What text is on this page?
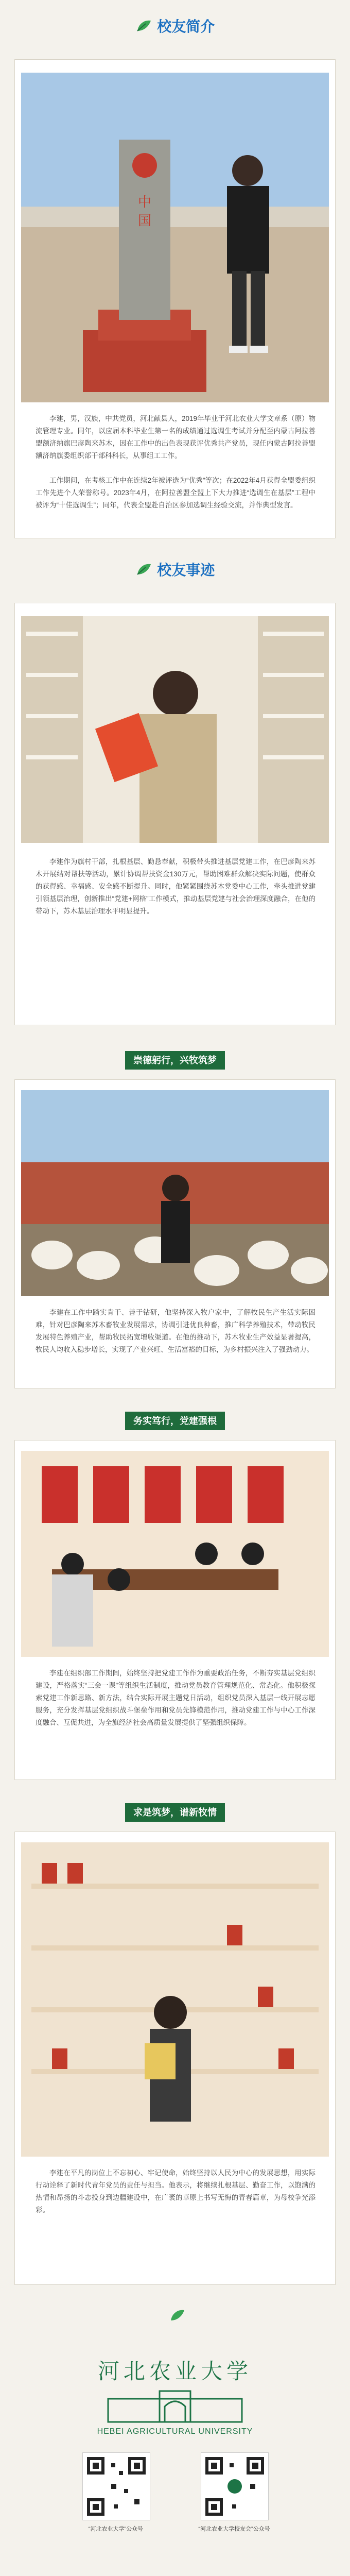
校友简介
中
国

李建，男，汉族，中共党员，河北献县人，2019年毕业于河北农业大学文章系（原）物流管理专业。同年，以应届本科毕业生第一名的成绩通过选调生考试并分配至内蒙古阿拉善盟额济纳旗巴彦陶来苏木，因在工作中的出色表现获评优秀共产党员，现任内蒙古阿拉善盟额济纳旗委组织部干部科科长，从事组工工作。

工作期间，在考核工作中在连续2年被评选为“优秀”等次；在2022年4月获得全盟委组织工作先进个人荣誉称号。2023年4月，在阿拉善盟全盟上下大力推进“选调生在基层”工程中被评为“十佳选调生”；同年，代表全盟赴自治区参加选调生经验交流，并作典型发言。

校友事迹

李建作为旗村干部，扎根基层、勤恳奉献，积极带头推进基层党建工作，在巴彦陶来苏木开展结对帮扶等活动，累计协调帮扶资金130万元，帮助困难群众解决实际问题，使群众的获得感、幸福感、安全感不断提升。同时，他紧紧围绕苏木党委中心工作，牵头推进党建引领基层治理，创新推出“党建+网格”工作模式，推动基层党建与社会治理深度融合，在他的带动下，苏木基层治理水平明显提升。

崇德躬行，兴牧筑梦

李建在工作中踏实肯干、善于钻研，他坚持深入牧户家中，了解牧民生产生活实际困难，针对巴彦陶来苏木畜牧业发展需求，协调引进优良种畜，推广科学养殖技术，带动牧民发展特色养殖产业，帮助牧民拓宽增收渠道。在他的推动下，苏木牧业生产效益显著提高，牧民人均收入稳步增长，实现了产业兴旺、生活富裕的目标，为乡村振兴注入了强劲动力。

务实笃行，党建强根

李建在组织部工作期间，始终坚持把党建工作作为重要政治任务，不断夯实基层党组织建设，严格落实“三会一课”等组织生活制度，推动党员教育管理规范化、常态化。他积极探索党建工作新思路、新方法，结合实际开展主题党日活动，组织党员深入基层一线开展志愿服务，充分发挥基层党组织战斗堡垒作用和党员先锋模范作用，推动党建工作与中心工作深度融合、互促共进，为全旗经济社会高质量发展提供了坚强组织保障。

求是筑梦，谱新牧情

李建在平凡的岗位上不忘初心、牢记使命，始终坚持以人民为中心的发展思想，用实际行动诠释了新时代青年党员的责任与担当。他表示，将继续扎根基层、勤奋工作，以饱满的热情和昂扬的斗志投身到边疆建设中，在广袤的草原上书写无悔的青春篇章，为母校争光添彩。

河北农业大学
HEBEI AGRICULTURAL UNIVERSITY
“河北农业大学”公众号	“河北农业大学校友会”公众号
